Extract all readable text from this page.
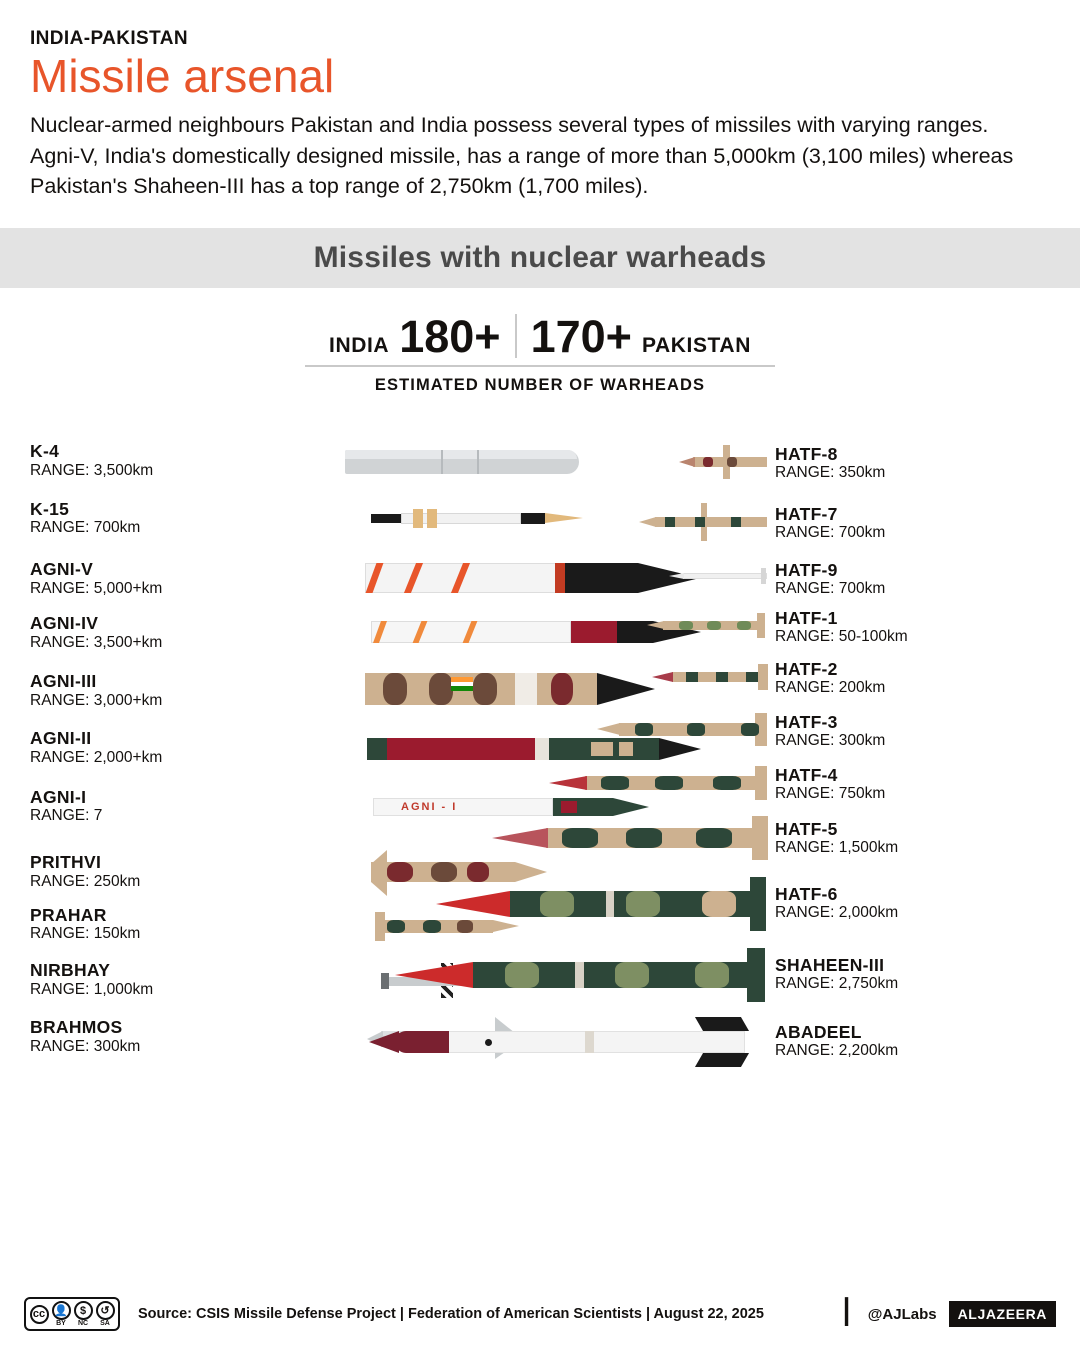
INDIA-PAKISTAN
Missile arsenal

Nuclear-armed neighbours Pakistan and India possess several types of missiles with varying ranges. Agni-V, India's domestically designed missile, has a range of more than 5,000km (3,100 miles) whereas Pakistan's Shaheen-III has a top range of 2,750km (1,700 miles).

Missiles with nuclear warheads
INDIA 180+ 170+ PAKISTAN
ESTIMATED NUMBER OF WARHEADS
K-4
RANGE: 3,500km
K-15
RANGE: 700km
AGNI-V
RANGE: 5,000+km
AGNI-IV
RANGE: 3,500+km
AGNI-III
RANGE: 3,000+km
AGNI-II
RANGE: 2,000+km
AGNI-I
RANGE: 7
AGNI - I
PRITHVI
RANGE: 250km
PRAHAR
RANGE: 150km
NIRBHAY
RANGE: 1,000km
BRAHMOS
RANGE: 300km
HATF-8
RANGE: 350km
HATF-7
RANGE: 700km
HATF-9
RANGE: 700km
HATF-1
RANGE: 50-100km
HATF-2
RANGE: 200km
HATF-3
RANGE: 300km
HATF-4
RANGE: 750km
HATF-5
RANGE: 1,500km
HATF-6
RANGE: 2,000km
SHAHEEN-III
RANGE: 2,750km
ABADEEL
RANGE: 2,200km
cc 👤
BY
$
NC
↺
SA
Source: CSIS Missile Defense Project | Federation of American Scientists | August 22, 2025 ا @AJLabs	ALJAZEERA
